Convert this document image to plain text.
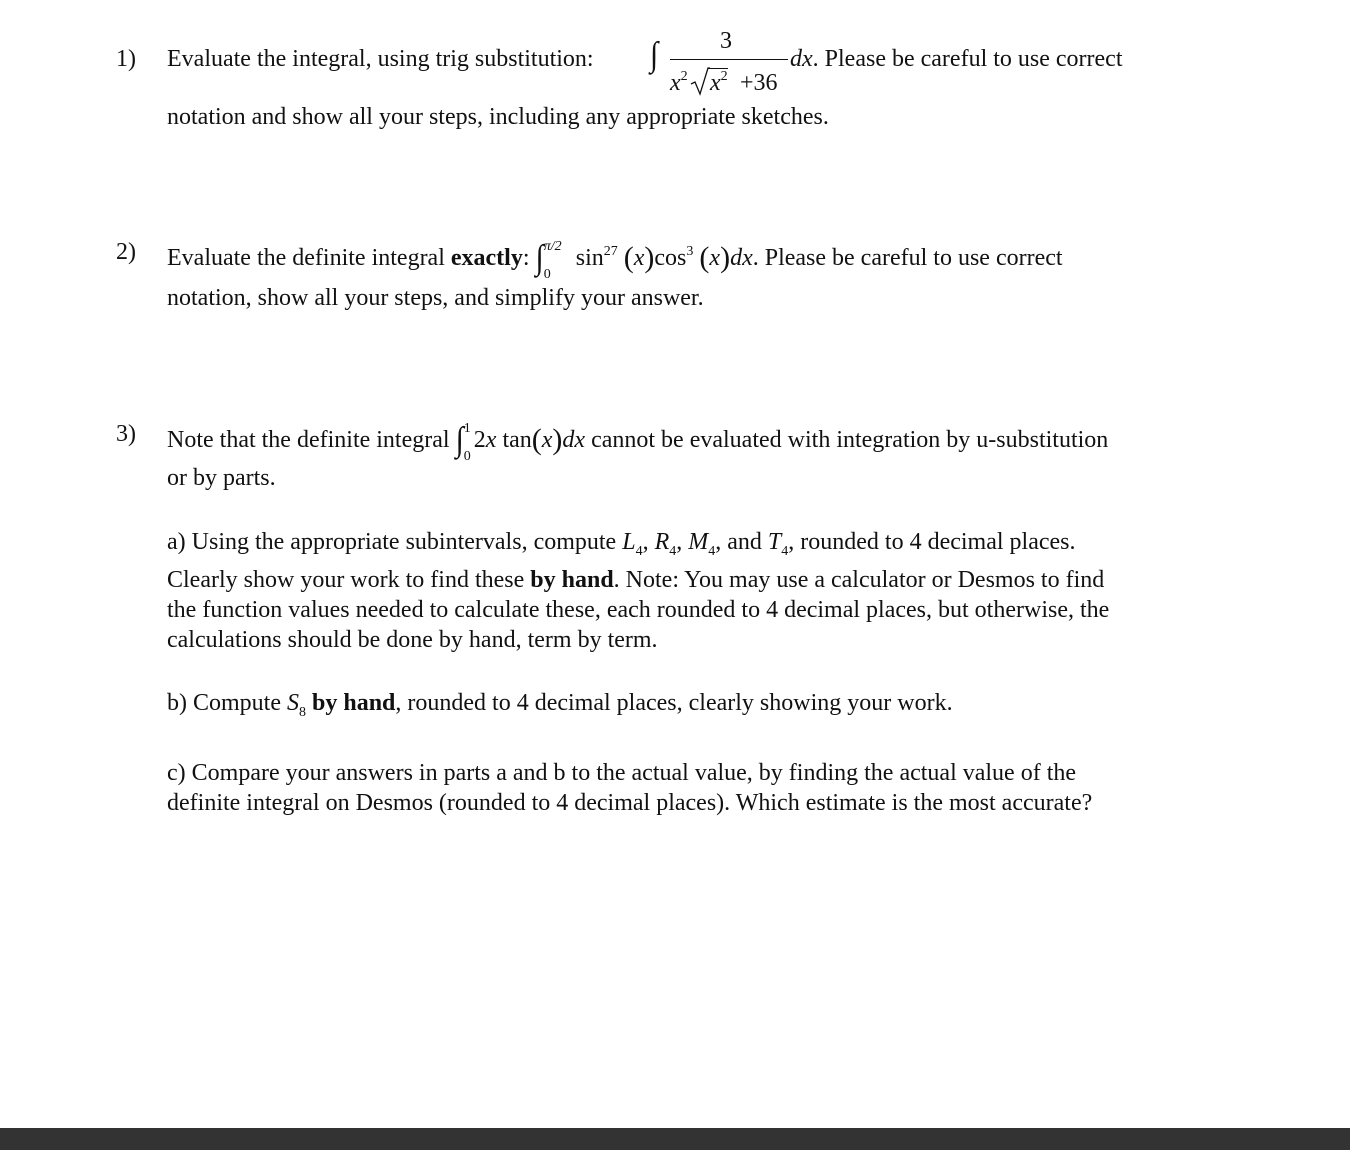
1) Evaluate the integral, using trig substitution: ∫	3
$x^2$ $x^2 +36$
dx. Please be careful to use correct
notation and show all your steps, including any appropriate sketches.
2) Evaluate the definite integral exactly: ∫ π/2
0
$\sin^{27} (x)\cos^3$ (x)dx. Please be careful to use correct
notation, show all your steps, and simplify your answer.
3) Note that the definite integral ∫ 1
0
2x tan(x)dx cannot be evaluated with integration by u-substitution
or by parts.
a) Using the appropriate subintervals, compute $L_4$, $R_4$, $M_4$, and $T_4$, rounded to 4 decimal places.
Clearly show your work to find these by hand. Note: You may use a calculator or Desmos to find
the function values needed to calculate these, each rounded to 4 decimal places, but otherwise, the
calculations should be done by hand, term by term.
b) Compute $S_8$ by hand, rounded to 4 decimal places, clearly showing your work.
c) Compare your answers in parts a and b to the actual value, by finding the actual value of the
definite integral on Desmos (rounded to 4 decimal places). Which estimate is the most accurate?
